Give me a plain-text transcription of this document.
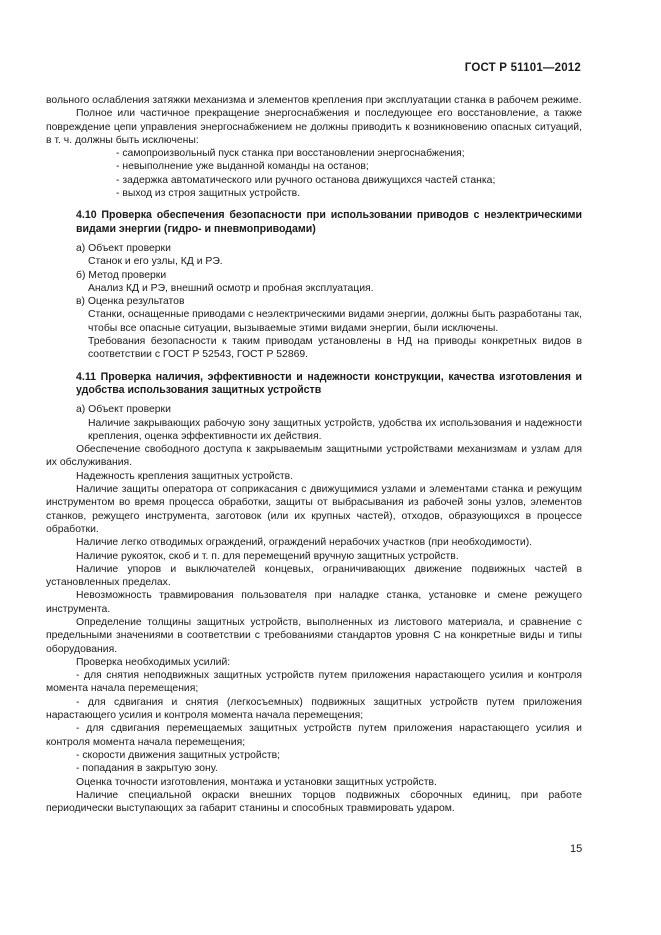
ГОСТ Р 51101—2012

вольного ослабления затяжки механизма и элементов крепления при эксплуатации станка в рабочем режиме.

Полное или частичное прекращение энергоснабжения и последующее его восстановление, а также повреждение цепи управления энергоснабжением не должны приводить к возникновению опасных ситуаций, в т. ч. должны быть исключены:

- самопроизвольный пуск станка при восстановлении энергоснабжения;

- невыполнение уже выданной команды на останов;

- задержка автоматического или ручного останова движущихся частей станка;

- выход из строя защитных устройств.

4.10 Проверка обеспечения безопасности при использовании приводов с неэлектрическими видами энергии (гидро- и пневмоприводами)

а) Объект проверки

Станок и его узлы, КД и РЭ.

б) Метод проверки

Анализ КД и РЭ, внешний осмотр и пробная эксплуатация.

в) Оценка результатов

Станки, оснащенные приводами с неэлектрическими видами энергии, должны быть разработаны так, чтобы все опасные ситуации, вызываемые этими видами энергии, были исключены.

Требования безопасности к таким приводам установлены в НД на приводы конкретных видов в соответствии с ГОСТ Р 52543, ГОСТ Р 52869.

4.11 Проверка наличия, эффективности и надежности конструкции, качества изготовления и удобства использования защитных устройств

а) Объект проверки

Наличие закрывающих рабочую зону защитных устройств, удобства их использования и надежности крепления, оценка эффективности их действия.

Обеспечение свободного доступа к закрываемым защитными устройствами механизмам и узлам для их обслуживания.

Надежность крепления защитных устройств.

Наличие защиты оператора от соприкасания с движущимися узлами и элементами станка и режущим инструментом во время процесса обработки, защиты от выбрасывания из рабочей зоны узлов, элементов станков, режущего инструмента, заготовок (или их крупных частей), отходов, образующихся в процессе обработки.

Наличие легко отводимых ограждений, ограждений нерабочих участков (при необходимости).

Наличие рукояток, скоб и т. п. для перемещений вручную защитных устройств.

Наличие упоров и выключателей концевых, ограничивающих движение подвижных частей в установленных пределах.

Невозможность травмирования пользователя при наладке станка, установке и смене режущего инструмента.

Определение толщины защитных устройств, выполненных из листового материала, и сравнение с предельными значениями в соответствии с требованиями стандартов уровня С на конкретные виды и типы оборудования.

Проверка необходимых усилий:

- для снятия неподвижных защитных устройств путем приложения нарастающего усилия и контроля момента начала перемещения;

- для сдвигания и снятия (легкосъемных) подвижных защитных устройств путем приложения нарастающего усилия и контроля момента начала перемещения;

- для сдвигания перемещаемых защитных устройств путем приложения нарастающего усилия и контроля момента начала перемещения;

- скорости движения защитных устройств;

- попадания в закрытую зону.

Оценка точности изготовления, монтажа и установки защитных устройств.

Наличие специальной окраски внешних торцов подвижных сборочных единиц, при работе периодически выступающих за габарит станины и способных травмировать ударом.

15
